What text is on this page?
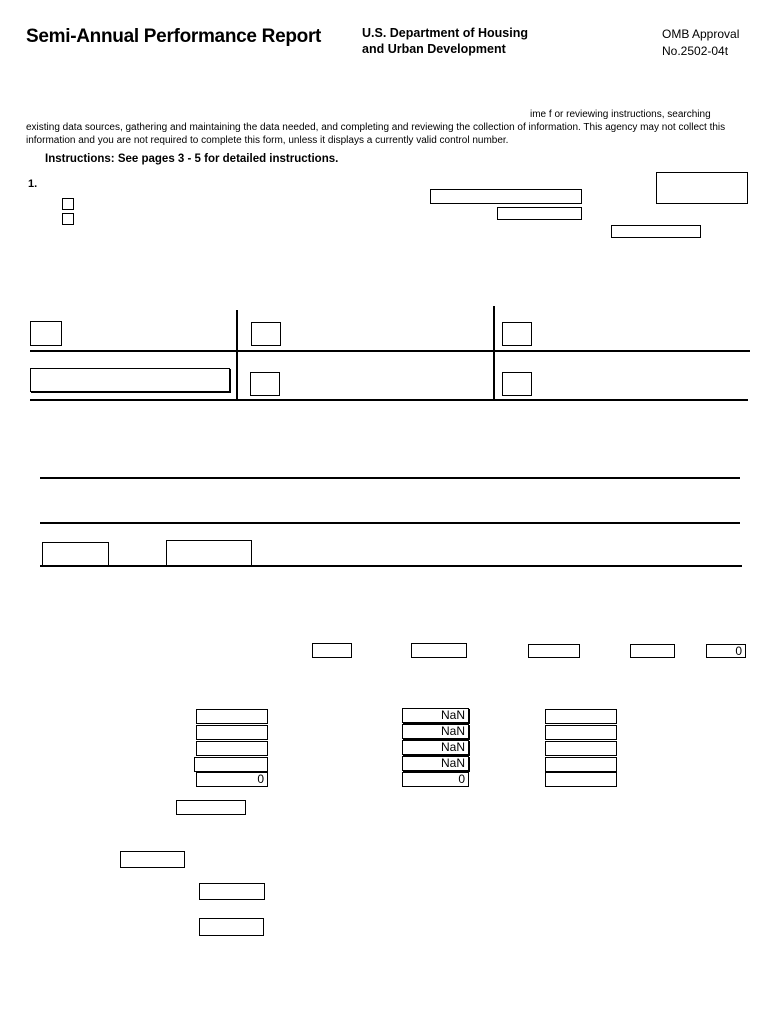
Semi-Annual Performance Report	U.S. Department of Housing
and Urban Development
OMB Approval
No.2502-04t
ime f or reviewing instructions, searching
existing data sources, gathering and maintaining the data needed, and completing and reviewing the collection of information. This agency may not collect this
information and you are not required to complete this form, unless it displays a currently valid control number.
Instructions: See pages 3 - 5 for detailed instructions.
1.
0
0
NaN
NaN
NaN
NaN
0
